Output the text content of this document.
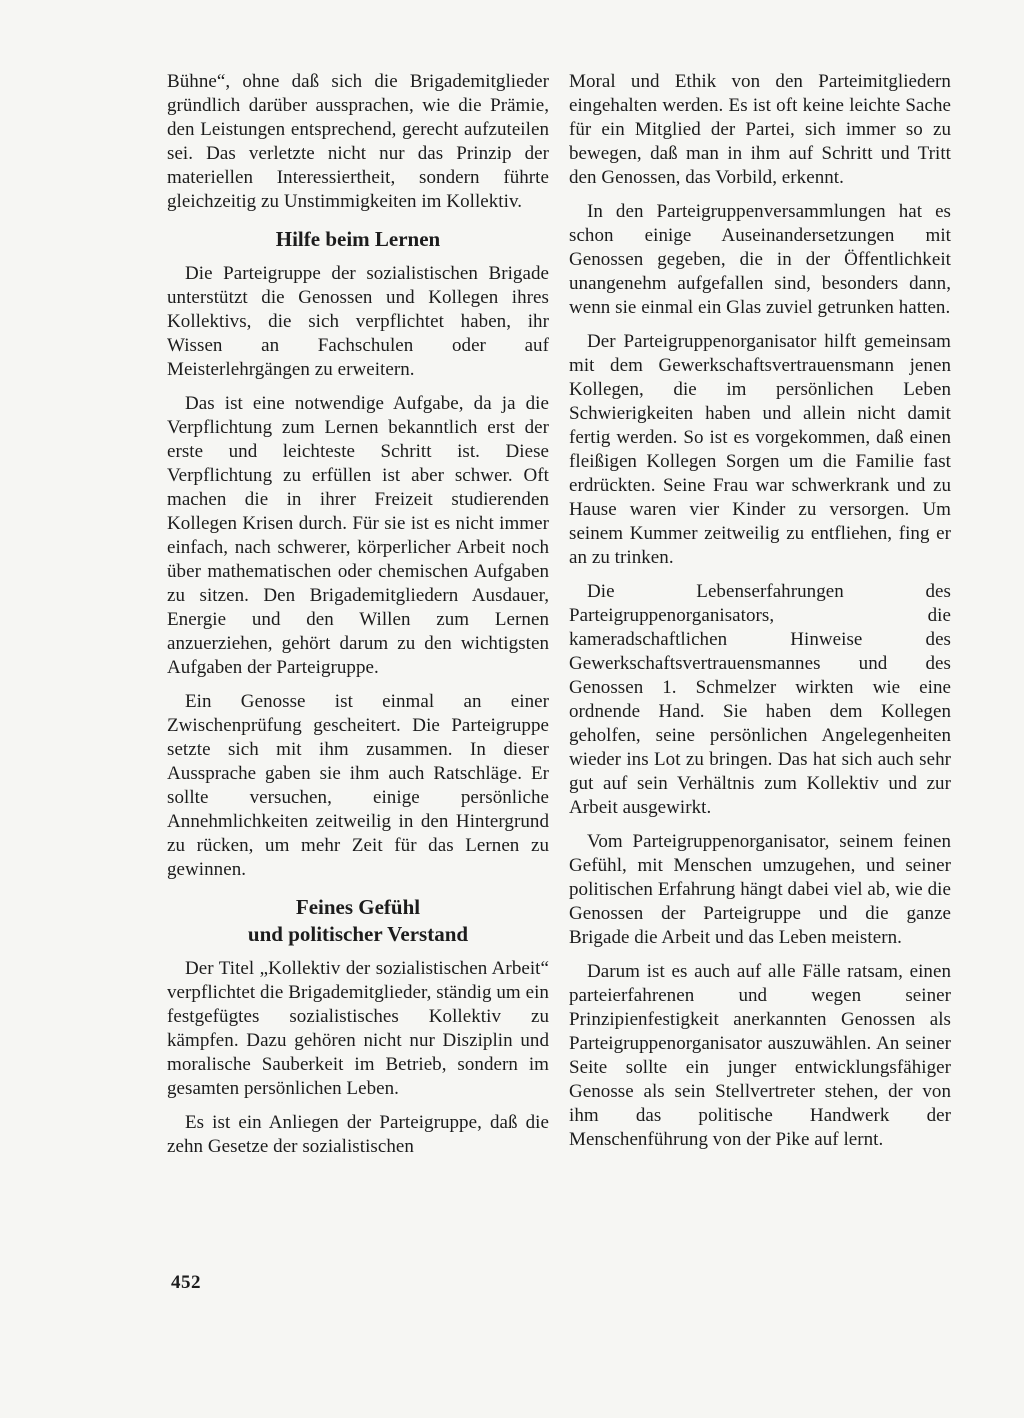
Bühne“, ohne daß sich die Brigademitglieder gründlich darüber aussprachen, wie die Prämie, den Leistungen entsprechend, gerecht aufzuteilen sei. Das verletzte nicht nur das Prinzip der materiellen Interessiertheit, sondern führte gleichzeitig zu Unstimmigkeiten im Kollektiv.

Hilfe beim Lernen

Die Parteigruppe der sozialistischen Brigade unterstützt die Genossen und Kollegen ihres Kollektivs, die sich verpflichtet haben, ihr Wissen an Fachschulen oder auf Meisterlehrgängen zu erweitern.

Das ist eine notwendige Aufgabe, da ja die Verpflichtung zum Lernen bekanntlich erst der erste und leichteste Schritt ist. Diese Verpflichtung zu erfüllen ist aber schwer. Oft machen die in ihrer Freizeit studierenden Kollegen Krisen durch. Für sie ist es nicht immer einfach, nach schwerer, körperlicher Arbeit noch über mathematischen oder chemischen Aufgaben zu sitzen. Den Brigademitgliedern Ausdauer, Energie und den Willen zum Lernen anzuerziehen, gehört darum zu den wichtigsten Aufgaben der Parteigruppe.

Ein Genosse ist einmal an einer Zwischenprüfung gescheitert. Die Parteigruppe setzte sich mit ihm zusammen. In dieser Aussprache gaben sie ihm auch Ratschläge. Er sollte versuchen, einige persönliche Annehmlichkeiten zeitweilig in den Hintergrund zu rücken, um mehr Zeit für das Lernen zu gewinnen.

Feines Gefühl
und politischer Verstand

Der Titel „Kollektiv der sozialistischen Arbeit“ verpflichtet die Brigademitglieder, ständig um ein festgefügtes sozialistisches Kollektiv zu kämpfen. Dazu gehören nicht nur Disziplin und moralische Sauberkeit im Betrieb, sondern im gesamten persönlichen Leben.

Es ist ein Anliegen der Parteigruppe, daß die zehn Gesetze der sozialistischen

Moral und Ethik von den Parteimitgliedern eingehalten werden. Es ist oft keine leichte Sache für ein Mitglied der Partei, sich immer so zu bewegen, daß man in ihm auf Schritt und Tritt den Genossen, das Vorbild, erkennt.

In den Parteigruppenversammlungen hat es schon einige Auseinandersetzungen mit Genossen gegeben, die in der Öffentlichkeit unangenehm aufgefallen sind, besonders dann, wenn sie einmal ein Glas zuviel getrunken hatten.

Der Parteigruppenorganisator hilft gemeinsam mit dem Gewerkschaftsvertrauensmann jenen Kollegen, die im persönlichen Leben Schwierigkeiten haben und allein nicht damit fertig werden. So ist es vorgekommen, daß einen fleißigen Kollegen Sorgen um die Familie fast erdrückten. Seine Frau war schwerkrank und zu Hause waren vier Kinder zu versorgen. Um seinem Kummer zeitweilig zu entfliehen, fing er an zu trinken.

Die Lebenserfahrungen des Parteigruppenorganisators, die kameradschaftlichen Hinweise des Gewerkschaftsvertrauensmannes und des Genossen 1. Schmelzer wirkten wie eine ordnende Hand. Sie haben dem Kollegen geholfen, seine persönlichen Angelegenheiten wieder ins Lot zu bringen. Das hat sich auch sehr gut auf sein Verhältnis zum Kollektiv und zur Arbeit ausgewirkt.

Vom Parteigruppenorganisator, seinem feinen Gefühl, mit Menschen umzugehen, und seiner politischen Erfahrung hängt dabei viel ab, wie die Genossen der Parteigruppe und die ganze Brigade die Arbeit und das Leben meistern.

Darum ist es auch auf alle Fälle ratsam, einen parteierfahrenen und wegen seiner Prinzipienfestigkeit anerkannten Genossen als Parteigruppenorganisator auszuwählen. An seiner Seite sollte ein junger entwicklungsfähiger Genosse als sein Stellvertreter stehen, der von ihm das politische Handwerk der Menschenführung von der Pike auf lernt.

452
